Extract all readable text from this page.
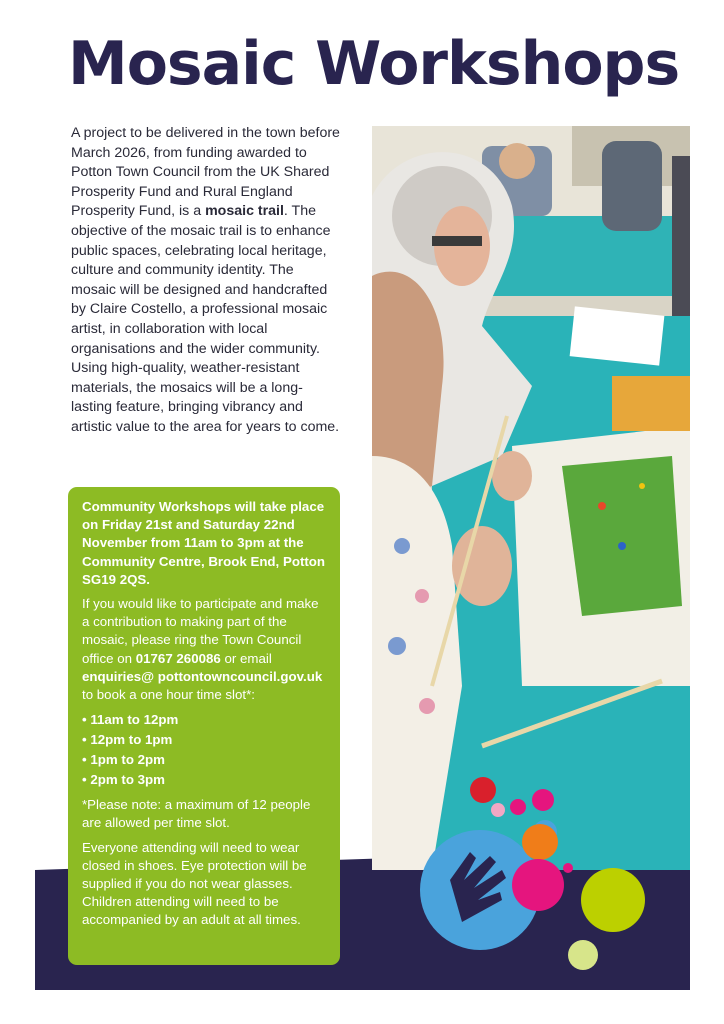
Mosaic Workshops

A project to be delivered in the town before March 2026, from funding awarded to Potton Town Council from the UK Shared Prosperity Fund and Rural England Prosperity Fund, is a mosaic trail. The objective of the mosaic trail is to enhance public spaces, celebrating local heritage, culture and community identity. The mosaic will be designed and handcrafted by Claire Costello, a professional mosaic artist, in collaboration with local organisations and the wider community. Using high-quality, weather-resistant materials, the mosaics will be a long-lasting feature, bringing vibrancy and artistic value to the area for years to come.

Community Workshops will take place on Friday 21st and Saturday 22nd November from 11am to 3pm at the Community Centre, Brook End, Potton SG19 2QS.

If you would like to participate and make a contribution to making part of the mosaic, please ring the Town Council office on 01767 260086 or email enquiries@ pottontowncouncil.gov.uk to book a one hour time slot*:

• 11am to 12pm
• 12pm to 1pm
• 1pm to 2pm
• 2pm to 3pm

*Please note: a maximum of 12 people are allowed per time slot.

Everyone attending will need to wear closed in shoes. Eye protection will be supplied if you do not wear glasses. Children attending will need to be accompanied by an adult at all times.
